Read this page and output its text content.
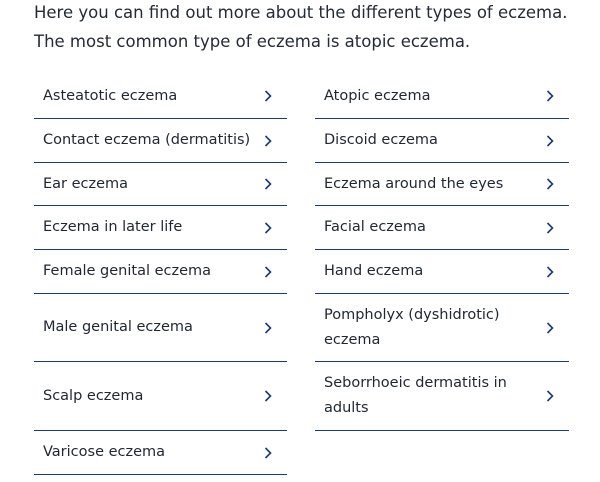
Here you can find out more about the different types of eczema. The most common type of eczema is atopic eczema.

Asteatotic eczema
Contact eczema (dermatitis)
Ear eczema
Eczema in later life
Female genital eczema
Male genital eczema
Scalp eczema
Varicose eczema
Atopic eczema
Discoid eczema
Eczema around the eyes
Facial eczema
Hand eczema
Pompholyx (dyshidrotic) eczema
Seborrhoeic dermatitis in adults
